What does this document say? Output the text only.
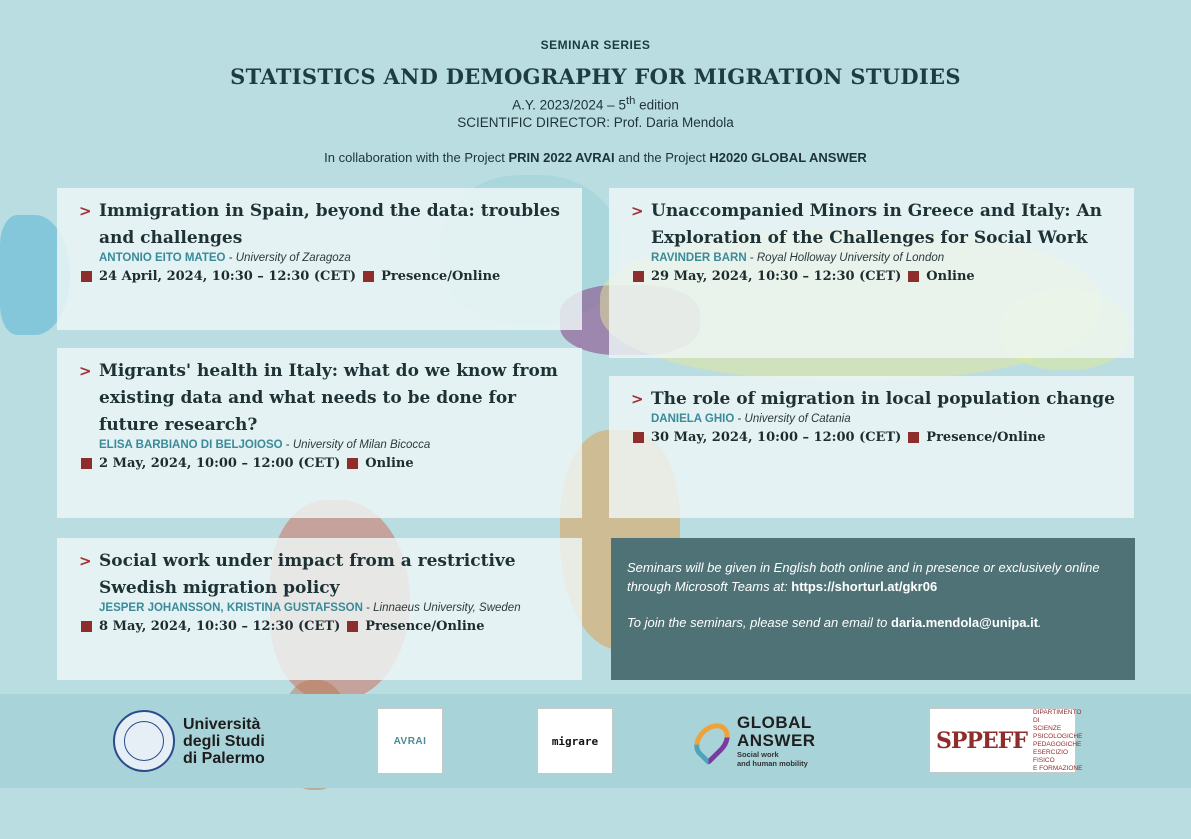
SEMINAR SERIES

STATISTICS AND DEMOGRAPHY FOR MIGRATION STUDIES

A.Y. 2023/2024 – 5th edition

SCIENTIFIC DIRECTOR: Prof. Daria Mendola

In collaboration with the Project PRIN 2022 AVRAI and the Project H2020 GLOBAL ANSWER

> Immigration in Spain, beyond the data: troubles and challenges

ANTONIO EITO MATEO - University of Zaragoza

24 April, 2024, 10:30 – 12:30 (CET) Presence/Online

> Unaccompanied Minors in Greece and Italy: An Exploration of the Challenges for Social Work

RAVINDER BARN - Royal Holloway University of London

29 May, 2024, 10:30 – 12:30 (CET) Online

> Migrants' health in Italy: what do we know from existing data and what needs to be done for future research?

ELISA BARBIANO DI BELJOIOSO - University of Milan Bicocca

2 May, 2024, 10:00 – 12:00 (CET) Online

> The role of migration in local population change

DANIELA GHIO - University of Catania

30 May, 2024, 10:00 – 12:00 (CET) Presence/Online

> Social work under impact from a restrictive Swedish migration policy

JESPER JOHANSSON, KRISTINA GUSTAFSSON - Linnaeus University, Sweden

8 May, 2024, 10:30 – 12:30 (CET) Presence/Online

Seminars will be given in English both online and in presence or exclusively online through Microsoft Teams at: https://shorturl.at/gkr06

To join the seminars, please send an email to daria.mendola@unipa.it.

Università
degli Studi
di Palermo
AVRAI	migrare
GLOBAL
ANSWER
Social work
and human mobility
SPPEFF
DIPARTIMENTO DI
SCIENZE PSICOLOGICHE
PEDAGOGICHE
ESERCIZIO FISICO
E FORMAZIONE
